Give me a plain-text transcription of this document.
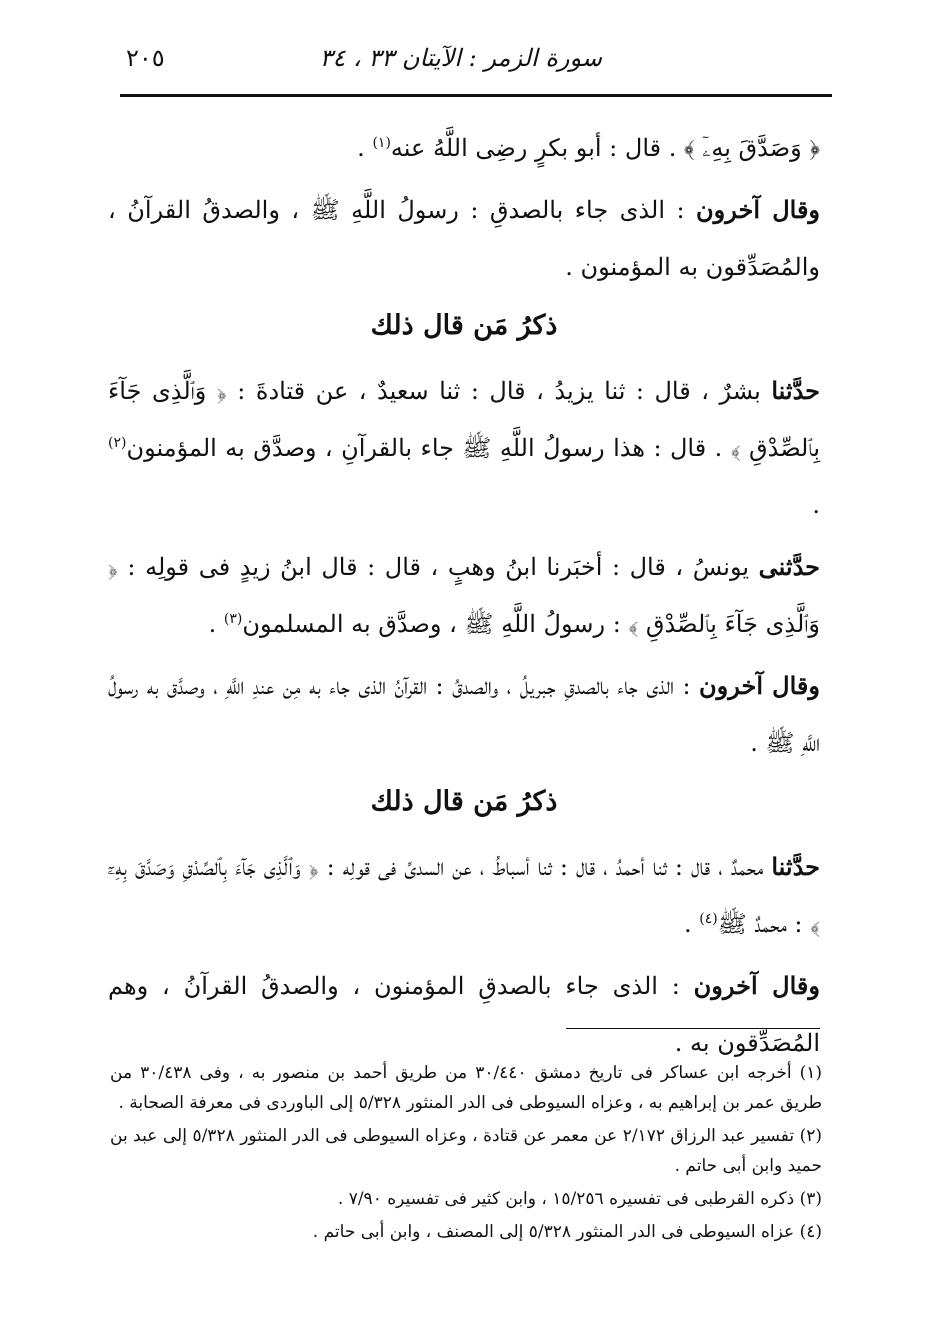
٢٠٥	سورة الزمر : الآيتان ٣٣ ، ٣٤

﴿ وَصَدَّقَ بِهِۦٓ ﴾ . قال : أبو بكرٍ رضِى اللَّهُ عنه$^{(١)}$ .

وقال آخرون : الذى جاء بالصدقِ : رسولُ اللَّهِ ﷺ ، والصدقُ القرآنُ ، والمُصَدِّقون به المؤمنون .

ذكرُ مَن قال ذلك

حدَّثنا بشرٌ ، قال : ثنا يزيدُ ، قال : ثنا سعيدٌ ، عن قتادةَ : ﴿ وَٱلَّذِى جَآءَ بِٱلصِّدْقِ ﴾ . قال : هذا رسولُ اللَّهِ ﷺ جاء بالقرآنِ ، وصدَّق به المؤمنون$^{(٢)}$ .

حدَّثنى يونسُ ، قال : أخبَرنا ابنُ وهبٍ ، قال : قال ابنُ زيدٍ فى قولِه : ﴿ وَٱلَّذِى جَآءَ بِٱلصِّدْقِ ﴾ : رسولُ اللَّهِ ﷺ ، وصدَّق به المسلمون$^{(٣)}$ .

وقال آخرون : الذى جاء بالصدقِ جبريلُ ، والصدقُ : القرآنُ الذى جاء به مِن عندِ اللَّهِ ، وصدَّق به رسولُ اللَّهِ ﷺ .

ذكرُ مَن قال ذلك

حدَّثنا محمدٌ ، قال : ثنا أحمدُ ، قال : ثنا أسباطُ ، عن السدىِّ فى قولِه : ﴿ وَٱلَّذِى جَآءَ بِٱلصِّدْقِ وَصَدَّقَ بِهِۦٓ ﴾ : محمدٌ ﷺ$^{(٤)}$ .

وقال آخرون : الذى جاء بالصدقِ المؤمنون ، والصدقُ القرآنُ ، وهم المُصَدِّقون به .

(١) أخرجه ابن عساكر فى تاريخ دمشق ٣٠/٤٤٠ من طريق أحمد بن منصور به ، وفى ٣٠/٤٣٨ من طريق عمر بن إبراهيم به ، وعزاه السيوطى فى الدر المنثور ٥/٣٢٨ إلى الباوردى فى معرفة الصحابة .

(٢) تفسير عبد الرزاق ٢/١٧٢ عن معمر عن قتادة ، وعزاه السيوطى فى الدر المنثور ٥/٣٢٨ إلى عبد بن حميد وابن أبى حاتم .

(٣) ذكره القرطبى فى تفسيره ١٥/٢٥٦ ، وابن كثير فى تفسيره ٧/٩٠ .

(٤) عزاه السيوطى فى الدر المنثور ٥/٣٢٨ إلى المصنف ، وابن أبى حاتم .
